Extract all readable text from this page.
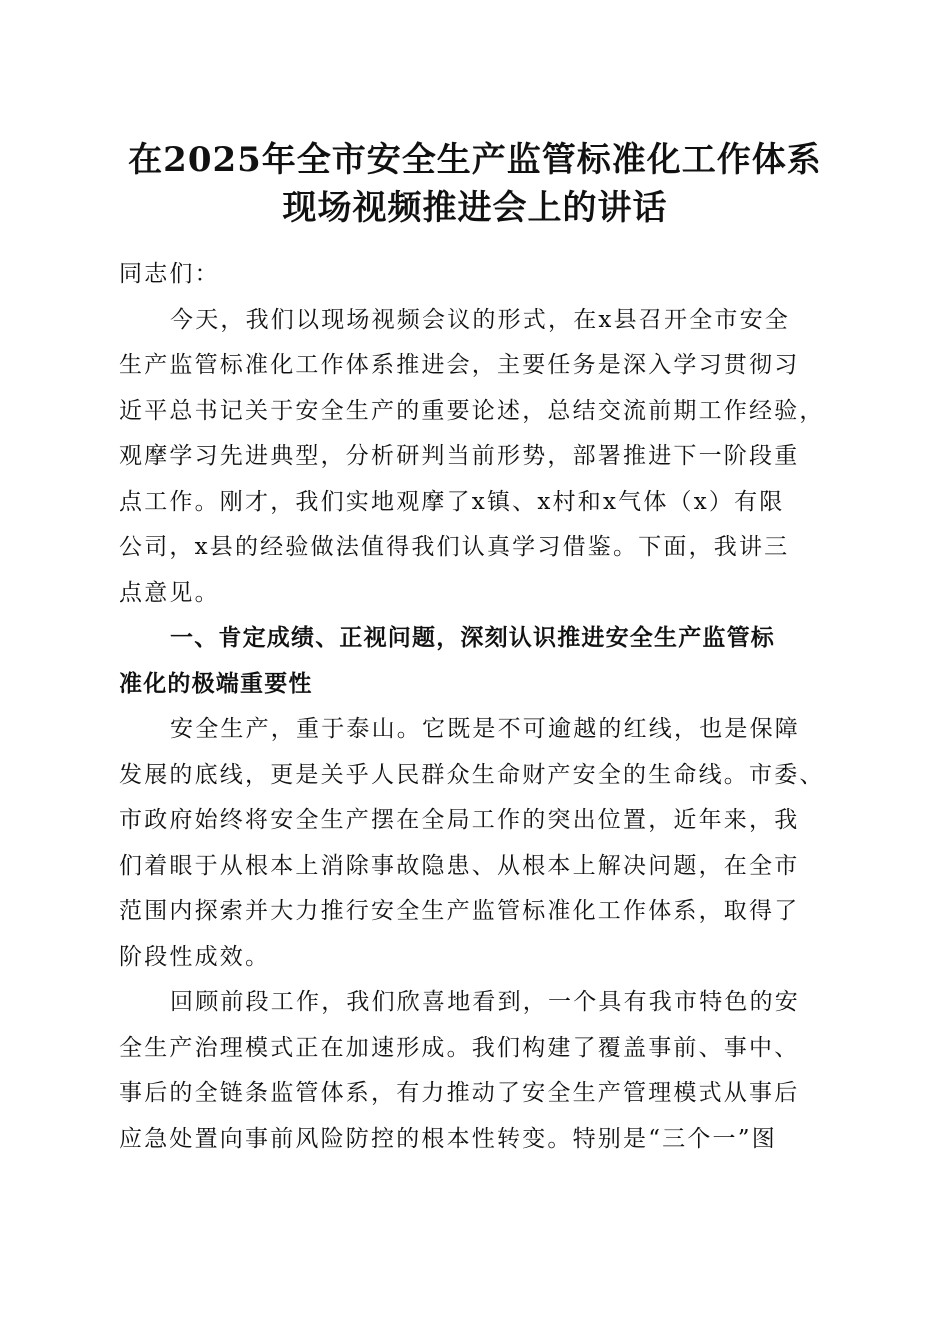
在2025年全市安全生产监管标准化工作体系
现场视频推进会上的讲话
同志们：
今天，我们以现场视频会议的形式，在x县召开全市安全
生产监管标准化工作体系推进会，主要任务是深入学习贯彻习
近平总书记关于安全生产的重要论述，总结交流前期工作经验，
观摩学习先进典型，分析研判当前形势，部署推进下一阶段重
点工作。刚才，我们实地观摩了x镇、x村和x气体（x）有限
公司，x县的经验做法值得我们认真学习借鉴。下面，我讲三
点意见。
一、肯定成绩、正视问题，深刻认识推进安全生产监管标
准化的极端重要性
安全生产，重于泰山。它既是不可逾越的红线，也是保障
发展的底线，更是关乎人民群众生命财产安全的生命线。市委、
市政府始终将安全生产摆在全局工作的突出位置，近年来，我
们着眼于从根本上消除事故隐患、从根本上解决问题，在全市
范围内探索并大力推行安全生产监管标准化工作体系，取得了
阶段性成效。
回顾前段工作，我们欣喜地看到，一个具有我市特色的安
全生产治理模式正在加速形成。我们构建了覆盖事前、事中、
事后的全链条监管体系，有力推动了安全生产管理模式从事后
应急处置向事前风险防控的根本性转变。特别是“三个一”图
